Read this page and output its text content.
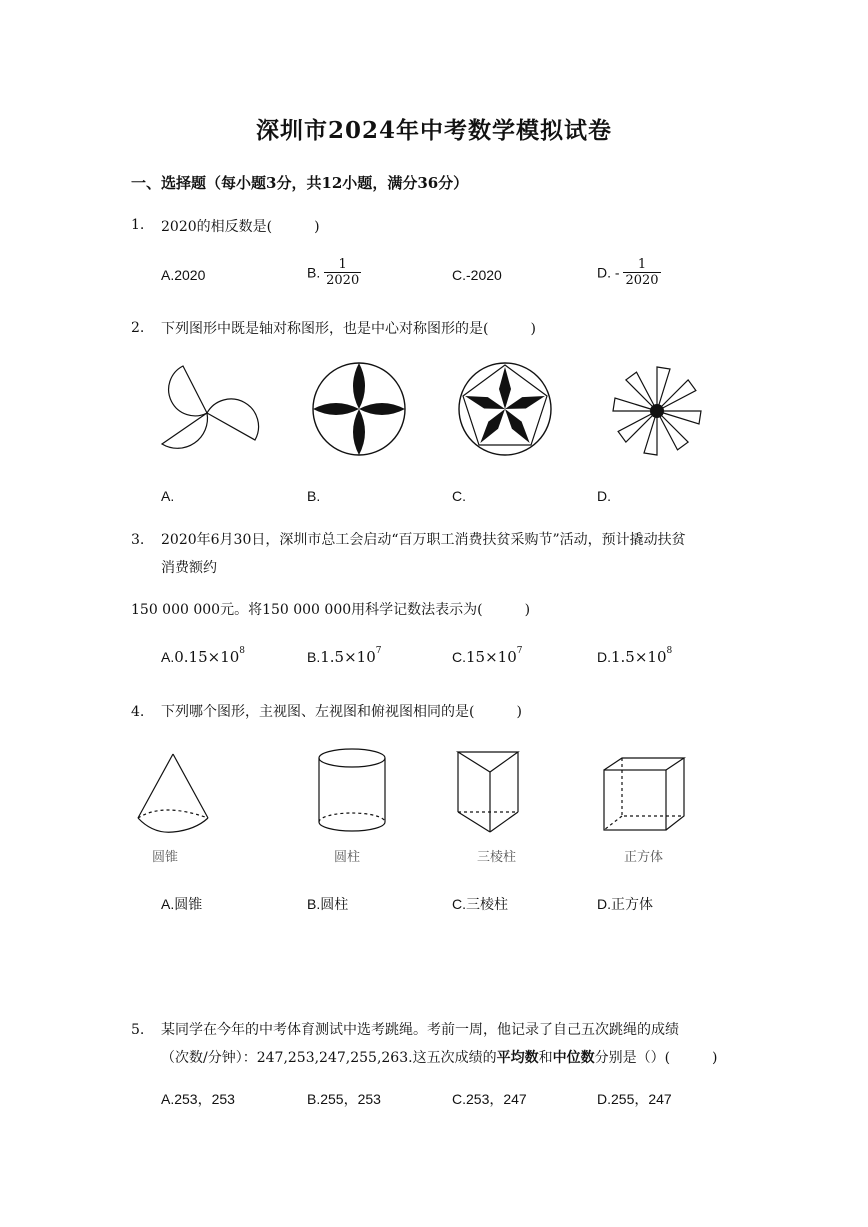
深圳市2024年中考数学模拟试卷
一、选择题（每小题3分，共12小题，满分36分）
1. 2020的相反数是(　　　)
A.2020	B. $\frac{1}{2020}$	C.-2020	D. - $\frac{1}{2020}$
2. 下列图形中既是轴对称图形，也是中心对称图形的是(　　　)
A.	B.	C.	D.
3. 2020年6月30日，深圳市总工会启动“百万职工消费扶贫采购节”活动，预计撬动扶贫
消费额约
150 000 000元。将150 000 000用科学记数法表示为(　　　)
$A.0.15\times 10^8$	$B.1.5\times 10^7$	$C.15\times 10^7$	$D.1.5\times 10^8$
4. 下列哪个图形，主视图、左视图和俯视图相同的是(　　　)
圆锥	圆柱	三棱柱	正方体
A.圆锥	B.圆柱	C.三棱柱	D.正方体
5. 某同学在今年的中考体育测试中选考跳绳。考前一周，他记录了自己五次跳绳的成绩
（次数/分钟）：247,253,247,255,263.这五次成绩的平均数和中位数分别是（）(　　　)
A.253，253	B.255，253	C.253，247	D.255，247
